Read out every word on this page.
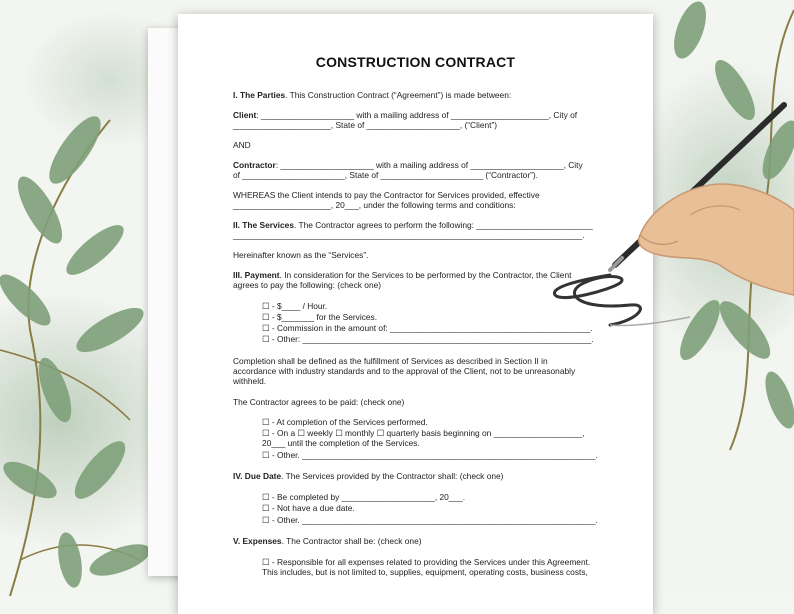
CONSTRUCTION CONTRACT
I. The Parties. This Construction Contract (“Agreement”) is made between:
Client: ____________________ with a mailing address of _____________________, City of
_____________________, State of ____________________, (“Client”)
AND
Contractor: ____________________ with a mailing address of ____________________, City
of ______________________, State of ______________________ (“Contractor”).
WHEREAS the Client intends to pay the Contractor for Services provided, effective
_____________________, 20___, under the following terms and conditions:
II. The Services. The Contractor agrees to perform the following: _________________________
___________________________________________________________________________.
Hereinafter known as the “Services”.
III. Payment. In consideration for the Services to be performed by the Contractor, the Client
agrees to pay the following: (check one)
☐ - $____ / Hour.
☐ - $_______ for the Services.
☐ - Commission in the amount of: ___________________________________________.
☐ - Other: ______________________________________________________________.
Completion shall be defined as the fulfillment of Services as described in Section II in
accordance with industry standards and to the approval of the Client, not to be unreasonably
withheld.
The Contractor agrees to be paid: (check one)
☐ - At completion of the Services performed.
☐ - On a ☐ weekly ☐ monthly ☐ quarterly basis beginning on ___________________,
20___ until the completion of the Services.
☐ - Other. _______________________________________________________________.
IV. Due Date. The Services provided by the Contractor shall: (check one)
☐ - Be completed by ____________________, 20___.
☐ - Not have a due date.
☐ - Other. _______________________________________________________________.
V. Expenses. The Contractor shall be: (check one)
☐ - Responsible for all expenses related to providing the Services under this Agreement.
This includes, but is not limited to, supplies, equipment, operating costs, business costs,
